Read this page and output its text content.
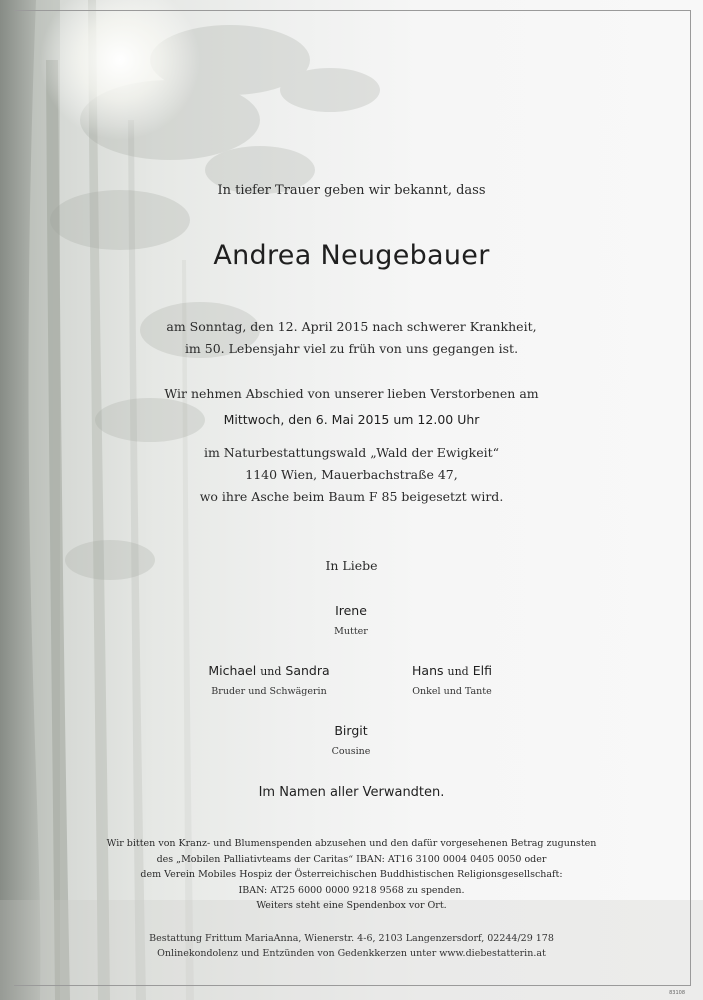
In tiefer Trauer geben wir bekannt, dass
Andrea Neugebauer
am Sonntag, den 12. April 2015 nach schwerer Krankheit,
im 50. Lebensjahr viel zu früh von uns gegangen ist.
Wir nehmen Abschied von unserer lieben Verstorbenen am
Mittwoch, den 6. Mai 2015 um 12.00 Uhr
im Naturbestattungswald „Wald der Ewigkeit“
1140 Wien, Mauerbachstraße 47,
wo ihre Asche beim Baum F 85 beigesetzt wird.
In Liebe
Irene
Mutter
Michael und Sandra
Bruder und Schwägerin
Hans und Elfi
Onkel und Tante
Birgit
Cousine
Im Namen aller Verwandten.
Wir bitten von Kranz- und Blumenspenden abzusehen und den dafür vorgesehenen Betrag zugunsten
des „Mobilen Palliativteams der Caritas“ IBAN: AT16 3100 0004 0405 0050 oder
dem Verein Mobiles Hospiz der Österreichischen Buddhistischen Religionsgesellschaft:
IBAN: AT25 6000 0000 9218 9568 zu spenden.
Weiters steht eine Spendenbox vor Ort.
Bestattung Frittum MariaAnna, Wienerstr. 4-6, 2103 Langenzersdorf, 02244/29 178
Onlinekondolenz und Entzünden von Gedenkkerzen unter www.diebestatterin.at
83108
